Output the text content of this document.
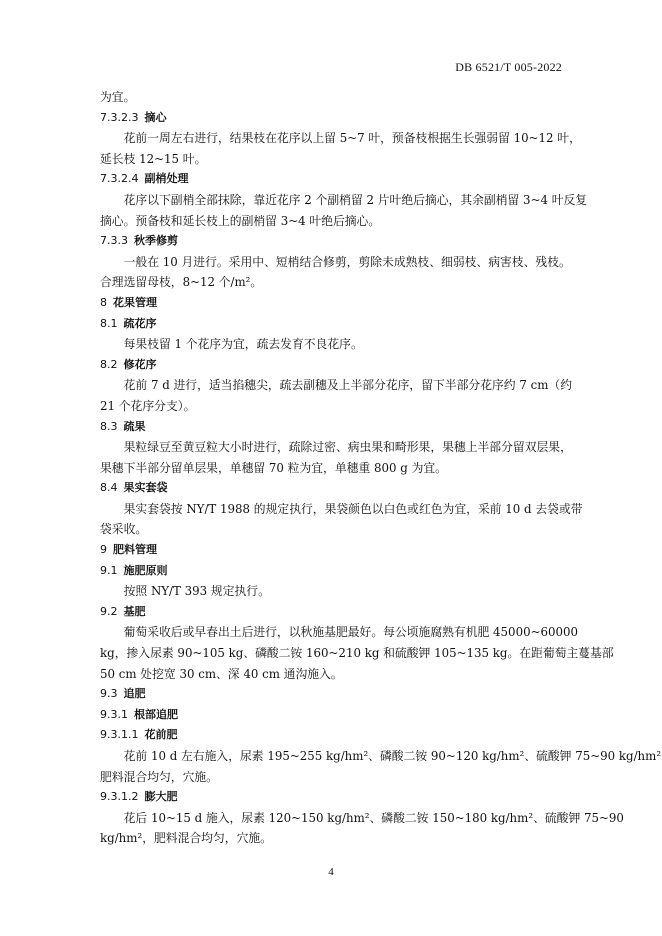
DB 6521/T 005-2022
为宜。
7.3.2.3 摘心
花前一周左右进行，结果枝在花序以上留 5~7 叶，预备枝根据生长强弱留 10~12 叶，
延长枝 12~15 叶。
7.3.2.4 副梢处理
花序以下副梢全部抹除，靠近花序 2 个副梢留 2 片叶绝后摘心，其余副梢留 3~4 叶反复
摘心。预备枝和延长枝上的副梢留 3~4 叶绝后摘心。
7.3.3 秋季修剪
一般在 10 月进行。采用中、短梢结合修剪，剪除未成熟枝、细弱枝、病害枝、残枝。
合理选留母枝，8~12 个/m²。
8 花果管理
8.1 疏花序
每果枝留 1 个花序为宜，疏去发育不良花序。
8.2 修花序
花前 7 d 进行，适当掐穗尖，疏去副穗及上半部分花序，留下半部分花序约 7 cm（约
21 个花序分支）。
8.3 疏果
果粒绿豆至黄豆粒大小时进行，疏除过密、病虫果和畸形果，果穗上半部分留双层果，
果穗下半部分留单层果，单穗留 70 粒为宜，单穗重 800 g 为宜。
8.4 果实套袋
果实套袋按 NY/T 1988 的规定执行，果袋颜色以白色或红色为宜，采前 10 d 去袋或带
袋采收。
9 肥料管理
9.1 施肥原则
按照 NY/T 393 规定执行。
9.2 基肥
葡萄采收后或早春出土后进行，以秋施基肥最好。每公顷施腐熟有机肥 45000~60000
kg，掺入尿素 90~105 kg、磷酸二铵 160~210 kg 和硫酸钾 105~135 kg。在距葡萄主蔓基部
50 cm 处挖宽 30 cm、深 40 cm 通沟施入。
9.3 追肥
9.3.1 根部追肥
9.3.1.1 花前肥
花前 10 d 左右施入，尿素 195~255 kg/hm²、磷酸二铵 90~120 kg/hm²、硫酸钾 75~90 kg/hm²
肥料混合均匀，穴施。
9.3.1.2 膨大肥
花后 10~15 d 施入，尿素 120~150 kg/hm²、磷酸二铵 150~180 kg/hm²、硫酸钾 75~90
kg/hm²，肥料混合均匀，穴施。
4
